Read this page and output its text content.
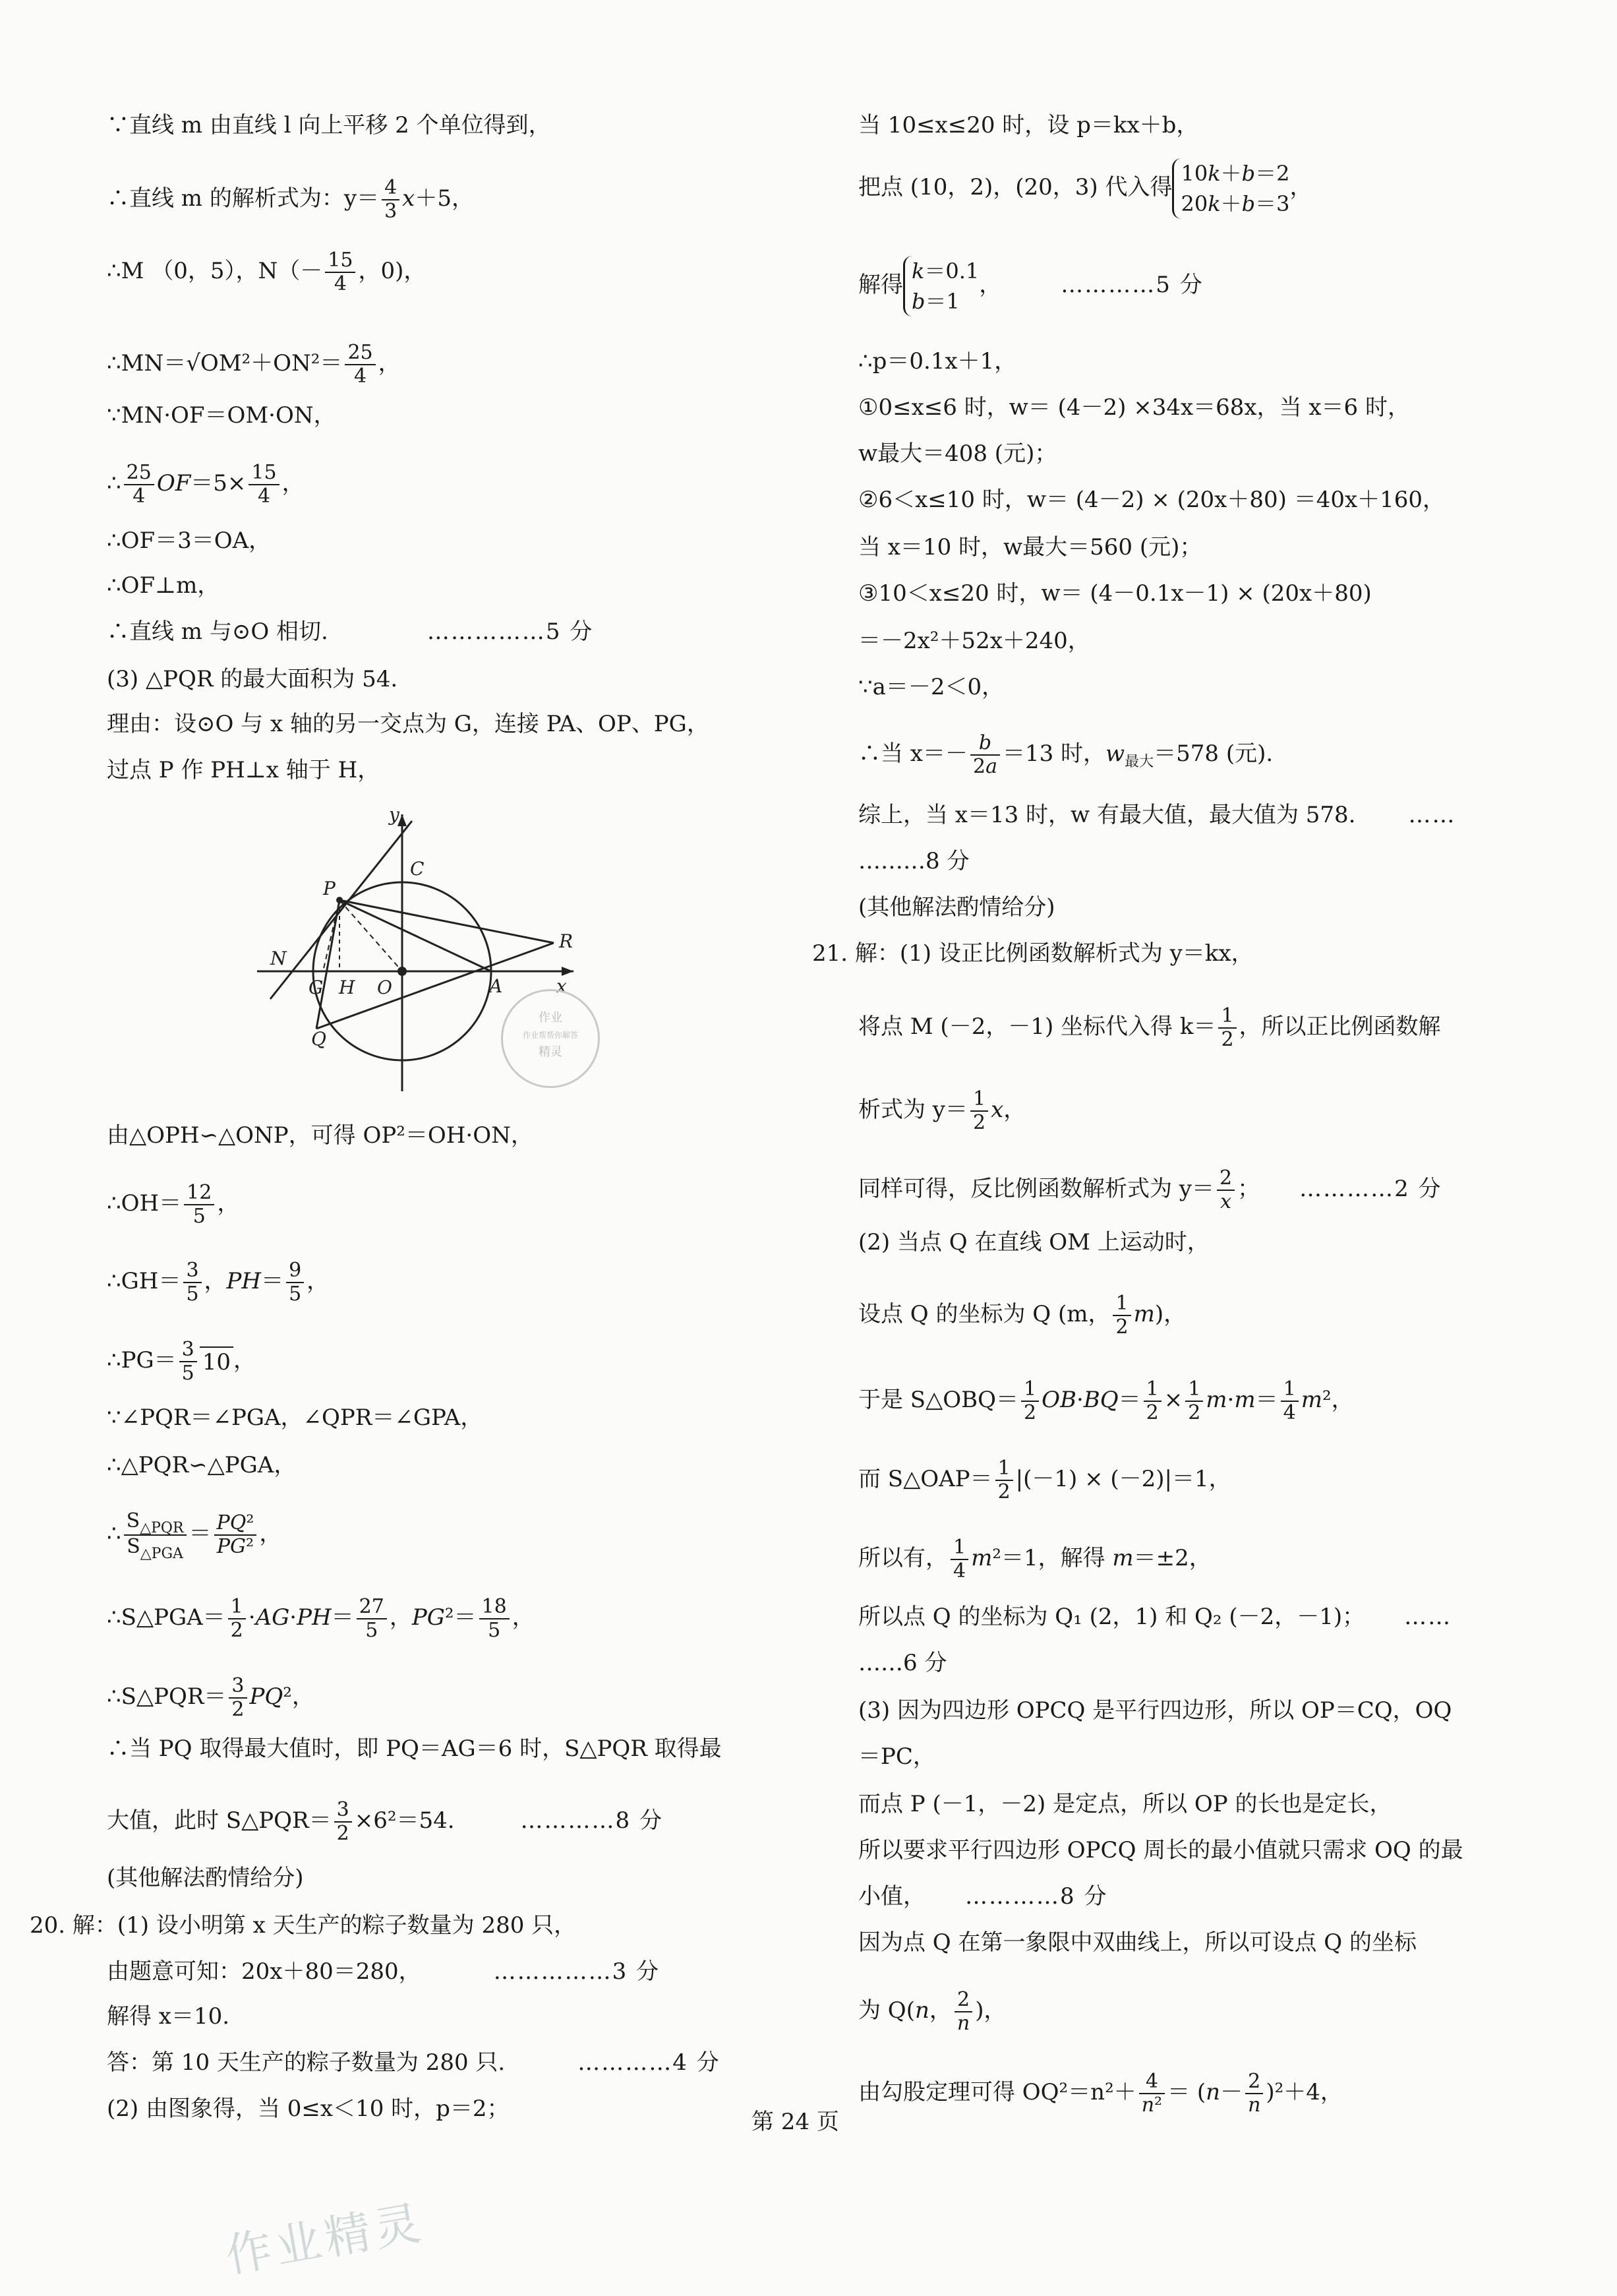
∵直线 m 由直线 l 向上平移 2 个单位得到，
∴直线 m 的解析式为：$y= \frac{4}{3} x+5$，
∴M （0，5），$N(- \frac{15}{4}$ ，0)，
∴MN＝√OM²＋ON²＝ $\frac{25}{4}$ ，
∵MN·OF＝OM·ON，
∴ $\frac{25}{4} OF=5\times \frac{15}{4}$ ，
∴OF＝3＝OA，
∴OF⊥m，
∴直线 m 与⊙O 相切.	……………5 分
(3) △PQR 的最大面积为 54.
理由：设⊙O 与 x 轴的另一交点为 G，连接 PA、OP、PG，
过点 P 作 PH⊥x 轴于 H，
y
C
P
N
G H O	A
R
x
Q
作业
作业帮帮你解答
精灵
由△OPH∽△ONP，可得 OP²＝OH·ON，
∴OH＝ $\frac{12}{5}$ ，
∴GH＝ $\frac{3}{5}$ ，$PH= \frac{9}{5}$ ，
∴PG＝ $\frac{3}{5} 10$ ，
∵∠PQR＝∠PGA，∠QPR＝∠GPA，
∴△PQR∽△PGA，
∴ $\frac{S_{\triangle PQR}}{S_{\triangle PGA}} = \frac{\text{PQ²}}{\text{PG²}}$ ，
∴S△PGA＝ $\frac{1}{2} \cdot AG\cdot PH= \frac{27}{5}$ ，$PG^2= \frac{18}{5}$ ，
∴S△PQR＝ $\frac{3}{2} PQ^2$，
∴当 PQ 取得最大值时，即 PQ＝AG＝6 时，S△PQR 取得最
大值，此时 S△PQR＝ $\frac{3}{2} \times 6^2=54$.	…………8 分
(其他解法酌情给分)
20. 解：(1) 设小明第 x 天生产的粽子数量为 280 只，
由题意可知：20x＋80＝280，	……………3 分
解得 x＝10.
答：第 10 天生产的粽子数量为 280 只.	…………4 分
(2) 由图象得，当 0≤x＜10 时，p＝2；
当 10≤x≤20 时，设 p＝kx＋b，
把点 (10，2)，(20，3) 代入得
10k＋b＝2
20k＋b＝3
，
解得
k＝0.1
b＝1
，	…………5 分
∴p＝0.1x＋1，
①0≤x≤6 时，w＝ (4－2) ×34x＝68x，当 x＝6 时，
w最大＝408 (元)；
②6＜x≤10 时，w＝ (4－2) × (20x＋80) ＝40x＋160，
当 x＝10 时，w最大＝560 (元)；
③10＜x≤20 时，w＝ (4－0.1x－1) × (20x＋80)
＝－2x²＋52x＋240，
∵a＝－2＜0，
∴当 $x=- \frac{b}{2a} =13$ 时，$w_{最大}=578$ (元).
综上，当 x＝13 时，w 有最大值，最大值为 578. ……
………8 分
(其他解法酌情给分)
21. 解：(1) 设正比例函数解析式为 y＝kx，
将点 M (－2，－1) 坐标代入得 $k= \frac{1}{2}$ ，所以正比例函数解
析式为 $y= \frac{1}{2}$ x，
同样可得，反比例函数解析式为 $y= \frac{2}{x}$ ； …………2 分
(2) 当点 Q 在直线 OM 上运动时，
设点 Q 的坐标为 Q (m， $\frac{1}{2} m$)，
于是 S△OBQ＝ $\frac{1}{2} OB\cdot BQ= \frac{1}{2} \times \frac{1}{2} m\cdot m= \frac{1}{4} m^2$，
而 S△OAP＝ $\frac{1}{2} |(-1) \times (-2)|=1$，
所以有， $\frac{1}{4} m^2=1$，解得 m＝±2，
所以点 Q 的坐标为 Q₁ (2，1) 和 Q₂ (－2，－1)； ……
……6 分
(3) 因为四边形 OPCQ 是平行四边形，所以 OP＝CQ，OQ
＝PC，
而点 P (－1，－2) 是定点，所以 OP 的长也是定长，
所以要求平行四边形 OPCQ 周长的最小值就只需求 OQ 的最
小值， …………8 分
因为点 Q 在第一象限中双曲线上，所以可设点 Q 的坐标
为 Q(n， $\frac{2}{n}$ )，
由勾股定理可得 $OQ^2=n^2+ \frac{4}{\text{n²}} = (n- \frac{2}{n} )^2+4$，
第 24 页
作业精灵
